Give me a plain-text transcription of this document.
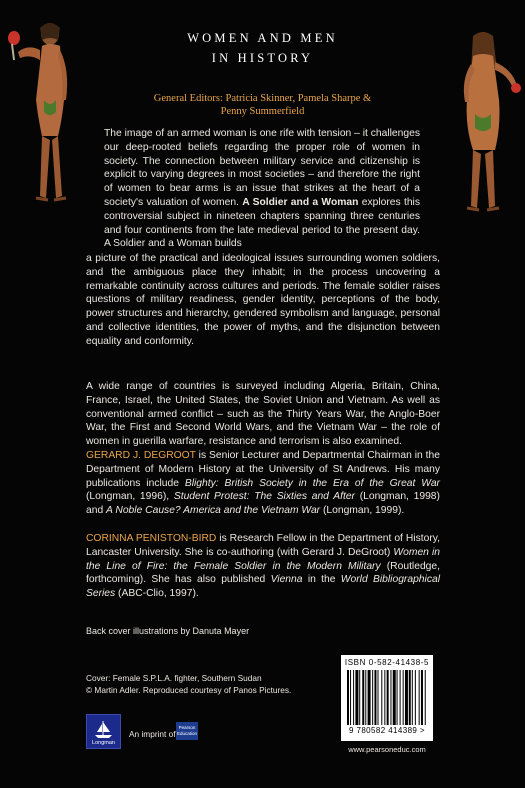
WOMEN AND MEN
IN HISTORY
General Editors: Patricia Skinner, Pamela Sharpe &
Penny Summerfield
The image of an armed woman is one rife with tension – it challenges our deep-rooted beliefs regarding the proper role of women in society. The connection between military service and citizenship is explicit to varying degrees in most societies – and therefore the right of women to bear arms is an issue that strikes at the heart of a society's valuation of women. A Soldier and a Woman explores this controversial subject in nineteen chapters spanning three centuries and four continents from the late medieval period to the present day. A Soldier and a Woman builds
a picture of the practical and ideological issues surrounding women soldiers, and the ambiguous place they inhabit; in the process uncovering a remarkable continuity across cultures and periods. The female soldier raises questions of military readiness, gender identity, perceptions of the body, power structures and hierarchy, gendered symbolism and language, personal and collective identities, the power of myths, and the disjunction between equality and conformity.
A wide range of countries is surveyed including Algeria, Britain, China, France, Israel, the United States, the Soviet Union and Vietnam. As well as conventional armed conflict – such as the Thirty Years War, the Anglo-Boer War, the First and Second World Wars, and the Vietnam War – the role of women in guerilla warfare, resistance and terrorism is also examined.
GERARD J. DEGROOT is Senior Lecturer and Departmental Chairman in the Department of Modern History at the University of St Andrews. His many publications include Blighty: British Society in the Era of the Great War (Longman, 1996), Student Protest: The Sixties and After (Longman, 1998) and A Noble Cause? America and the Vietnam War (Longman, 1999).
CORINNA PENISTON-BIRD is Research Fellow in the Department of History, Lancaster University. She is co-authoring (with Gerard J. DeGroot) Women in the Line of Fire: the Female Soldier in the Modern Military (Routledge, forthcoming). She has also published Vienna in the World Bibliographical Series (ABC-Clio, 1997).
Back cover illustrations by Danuta Mayer
Cover: Female S.P.L.A. fighter, Southern Sudan
© Martin Adler. Reproduced courtesy of Panos Pictures.
Longman
An imprint of
Pearson
Education
ISBN 0-582-41438-5
9 780582 414389 >
www.pearsoneduc.com
